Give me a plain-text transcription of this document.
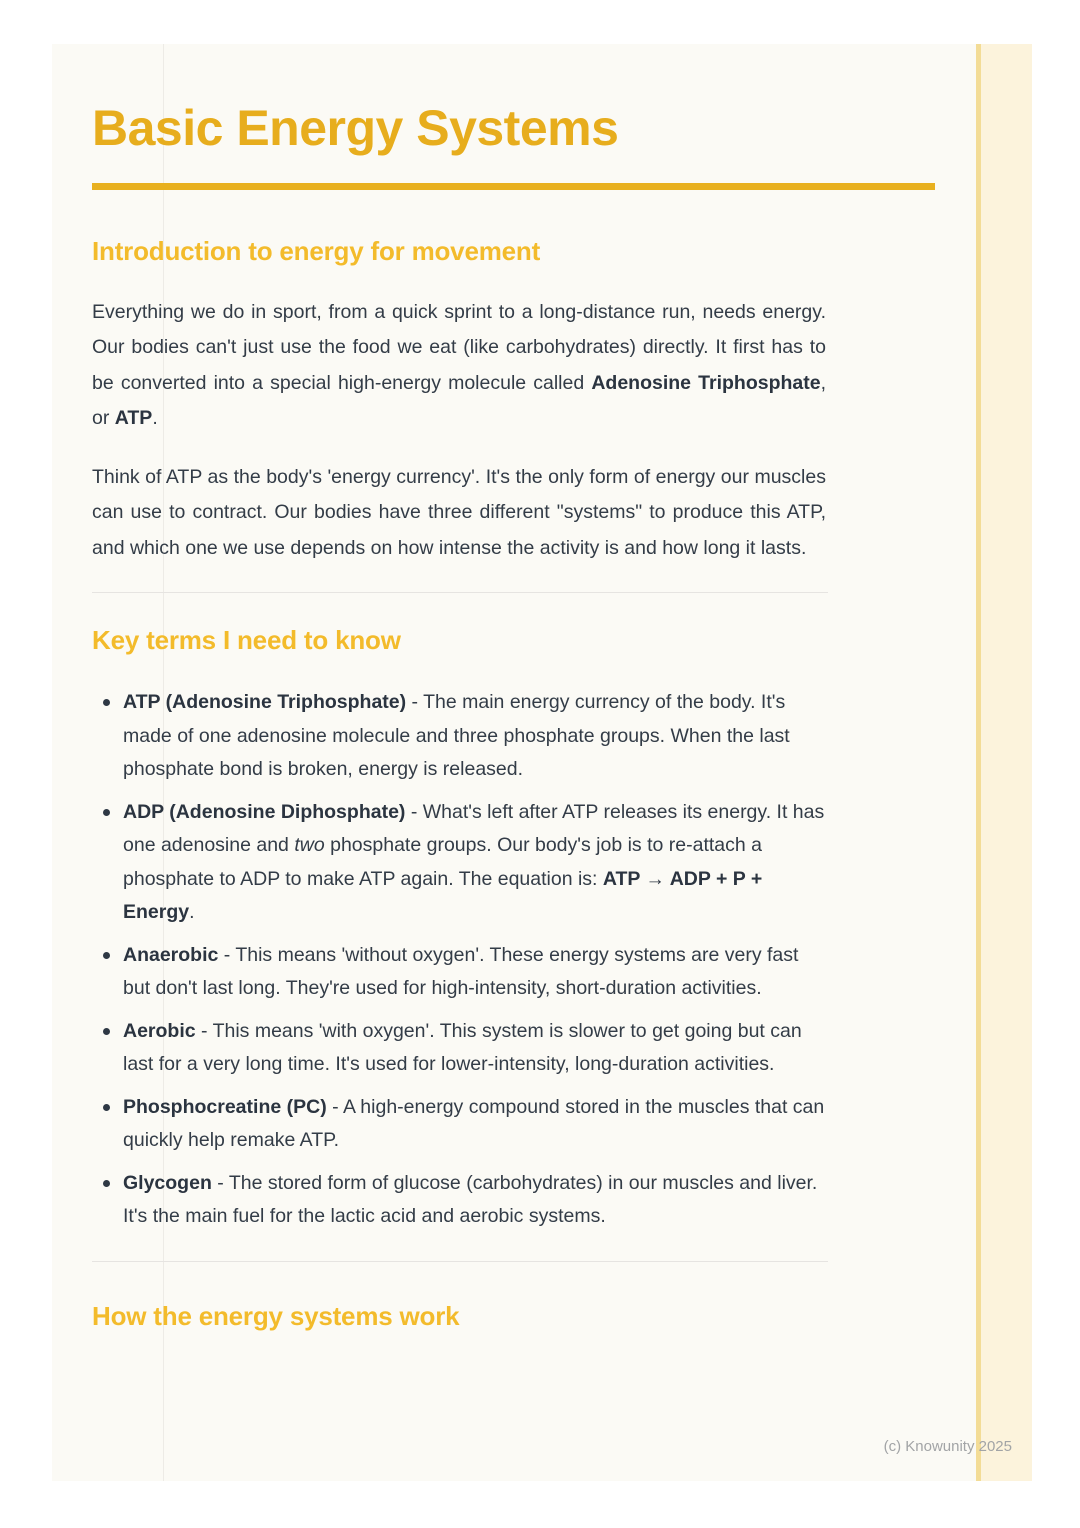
Basic Energy Systems
Introduction to energy for movement

Everything we do in sport, from a quick sprint to a long-distance run, needs energy. Our bodies can't just use the food we eat (like carbohydrates) directly. It first has to be converted into a special high-energy molecule called Adenosine Triphosphate, or ATP.

Think of ATP as the body's 'energy currency'. It's the only form of energy our muscles can use to contract. Our bodies have three different "systems" to produce this ATP, and which one we use depends on how intense the activity is and how long it lasts.

Key terms I need to know
ATP (Adenosine Triphosphate) - The main energy currency of the body. It's made of one adenosine molecule and three phosphate groups. When the last phosphate bond is broken, energy is released.
ADP (Adenosine Diphosphate) - What's left after ATP releases its energy. It has one adenosine and two phosphate groups. Our body's job is to re-attach a phosphate to ADP to make ATP again. The equation is: ATP → ADP + P + Energy.
Anaerobic - This means 'without oxygen'. These energy systems are very fast but don't last long. They're used for high-intensity, short-duration activities.
Aerobic - This means 'with oxygen'. This system is slower to get going but can last for a very long time. It's used for lower-intensity, long-duration activities.
Phosphocreatine (PC) - A high-energy compound stored in the muscles that can quickly help remake ATP.
Glycogen - The stored form of glucose (carbohydrates) in our muscles and liver. It's the main fuel for the lactic acid and aerobic systems.
How the energy systems work
(c) Knowunity 2025
